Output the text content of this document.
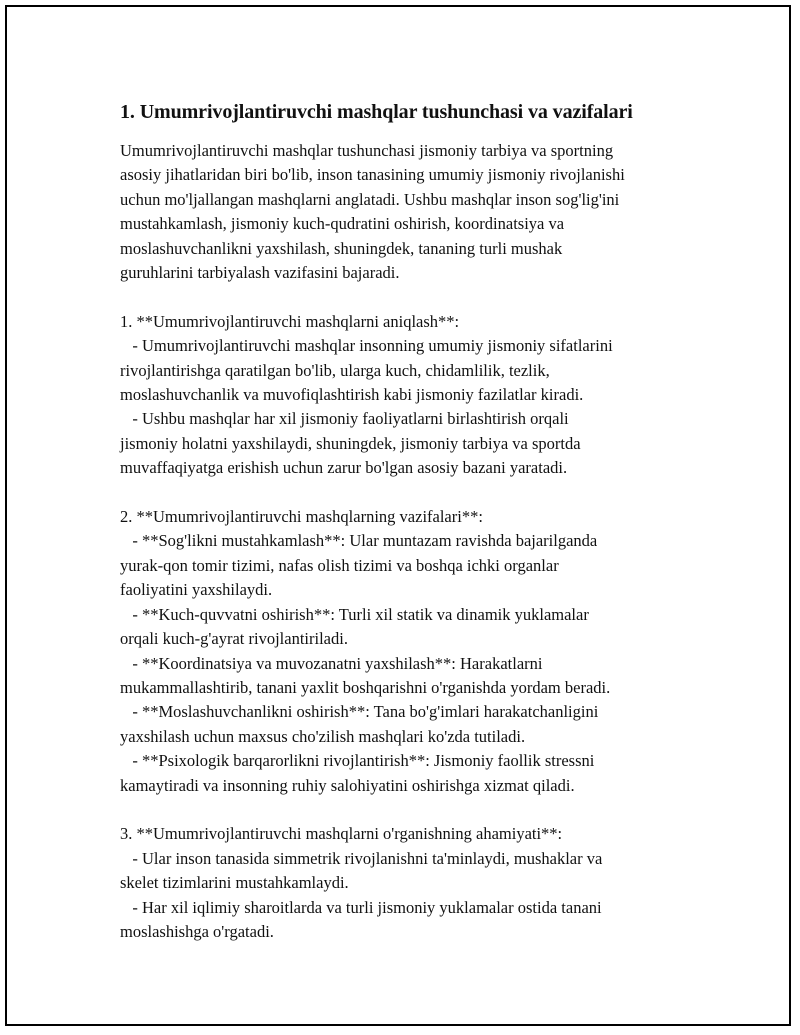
1. Umumrivojlantiruvchi mashqlar tushunchasi va vazifalari
Umumrivojlantiruvchi mashqlar tushunchasi jismoniy tarbiya va sportning
asosiy jihatlaridan biri bo'lib, inson tanasining umumiy jismoniy rivojlanishi
uchun mo'ljallangan mashqlarni anglatadi. Ushbu mashqlar inson sog'lig'ini
mustahkamlash, jismoniy kuch-qudratini oshirish, koordinatsiya va
moslashuvchanlikni yaxshilash, shuningdek, tananing turli mushak
guruhlarini tarbiyalash vazifasini bajaradi.
1. **Umumrivojlantiruvchi mashqlarni aniqlash**:
- Umumrivojlantiruvchi mashqlar insonning umumiy jismoniy sifatlarini
rivojlantirishga qaratilgan bo'lib, ularga kuch, chidamlilik, tezlik,
moslashuvchanlik va muvofiqlashtirish kabi jismoniy fazilatlar kiradi.
- Ushbu mashqlar har xil jismoniy faoliyatlarni birlashtirish orqali
jismoniy holatni yaxshilaydi, shuningdek, jismoniy tarbiya va sportda
muvaffaqiyatga erishish uchun zarur bo'lgan asosiy bazani yaratadi.
2. **Umumrivojlantiruvchi mashqlarning vazifalari**:
- **Sog'likni mustahkamlash**: Ular muntazam ravishda bajarilganda
yurak-qon tomir tizimi, nafas olish tizimi va boshqa ichki organlar
faoliyatini yaxshilaydi.
- **Kuch-quvvatni oshirish**: Turli xil statik va dinamik yuklamalar
orqali kuch-g'ayrat rivojlantiriladi.
- **Koordinatsiya va muvozanatni yaxshilash**: Harakatlarni
mukammallashtirib, tanani yaxlit boshqarishni o'rganishda yordam beradi.
- **Moslashuvchanlikni oshirish**: Tana bo'g'imlari harakatchanligini
yaxshilash uchun maxsus cho'zilish mashqlari ko'zda tutiladi.
- **Psixologik barqarorlikni rivojlantirish**: Jismoniy faollik stressni
kamaytiradi va insonning ruhiy salohiyatini oshirishga xizmat qiladi.
3. **Umumrivojlantiruvchi mashqlarni o'rganishning ahamiyati**:
- Ular inson tanasida simmetrik rivojlanishni ta'minlaydi, mushaklar va
skelet tizimlarini mustahkamlaydi.
- Har xil iqlimiy sharoitlarda va turli jismoniy yuklamalar ostida tanani
moslashishga o'rgatadi.
